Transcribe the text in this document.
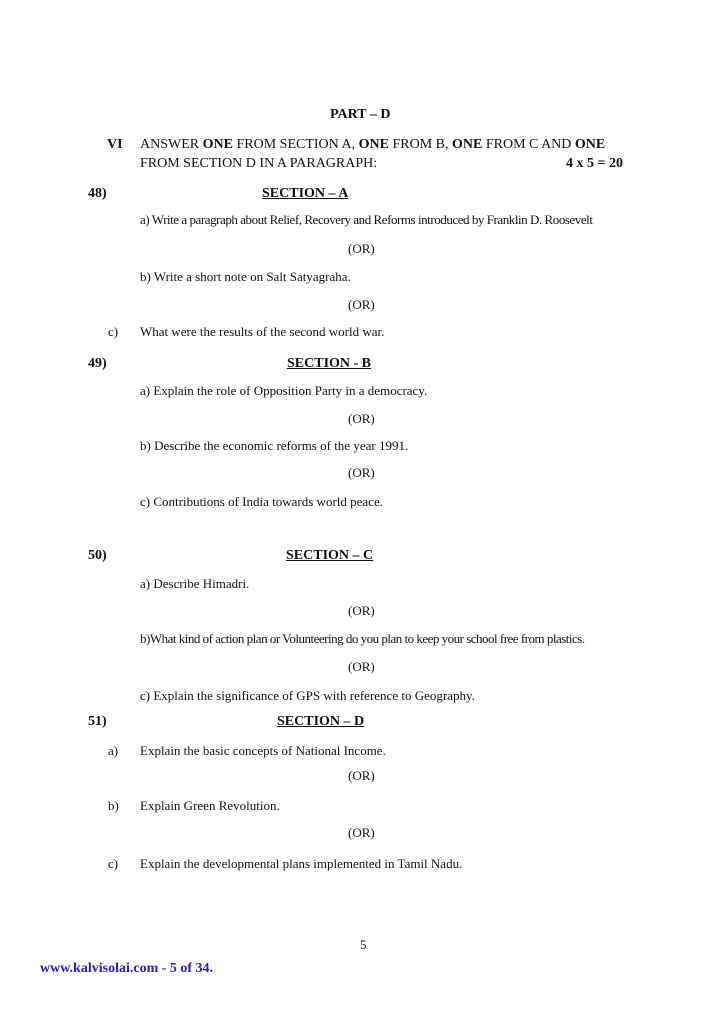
PART – D
VI ANSWER ONE FROM SECTION A, ONE FROM B, ONE FROM C AND ONE
FROM SECTION D IN A PARAGRAPH:	4 x 5 = 20
48)	SECTION – A
a) Write a paragraph about Relief, Recovery and Reforms introduced by Franklin D. Roosevelt
(OR)
b) Write a short note on Salt Satyagraha.
(OR)
c) What were the results of the second world war.
49)	SECTION - B
a) Explain the role of Opposition Party in a democracy.
(OR)
b) Describe the economic reforms of the year 1991.
(OR)
c) Contributions of India towards world peace.
50)	SECTION – C
a) Describe Himadri.
(OR)
b)What kind of action plan or Volunteering do you plan to keep your school free from plastics.
(OR)
c) Explain the significance of GPS with reference to Geography.
51)	SECTION – D
a) Explain the basic concepts of National Income.
(OR)
b) Explain Green Revolution.
(OR)
c) Explain the developmental plans implemented in Tamil Nadu.
5
www.kalvisolai.com - 5 of 34.
